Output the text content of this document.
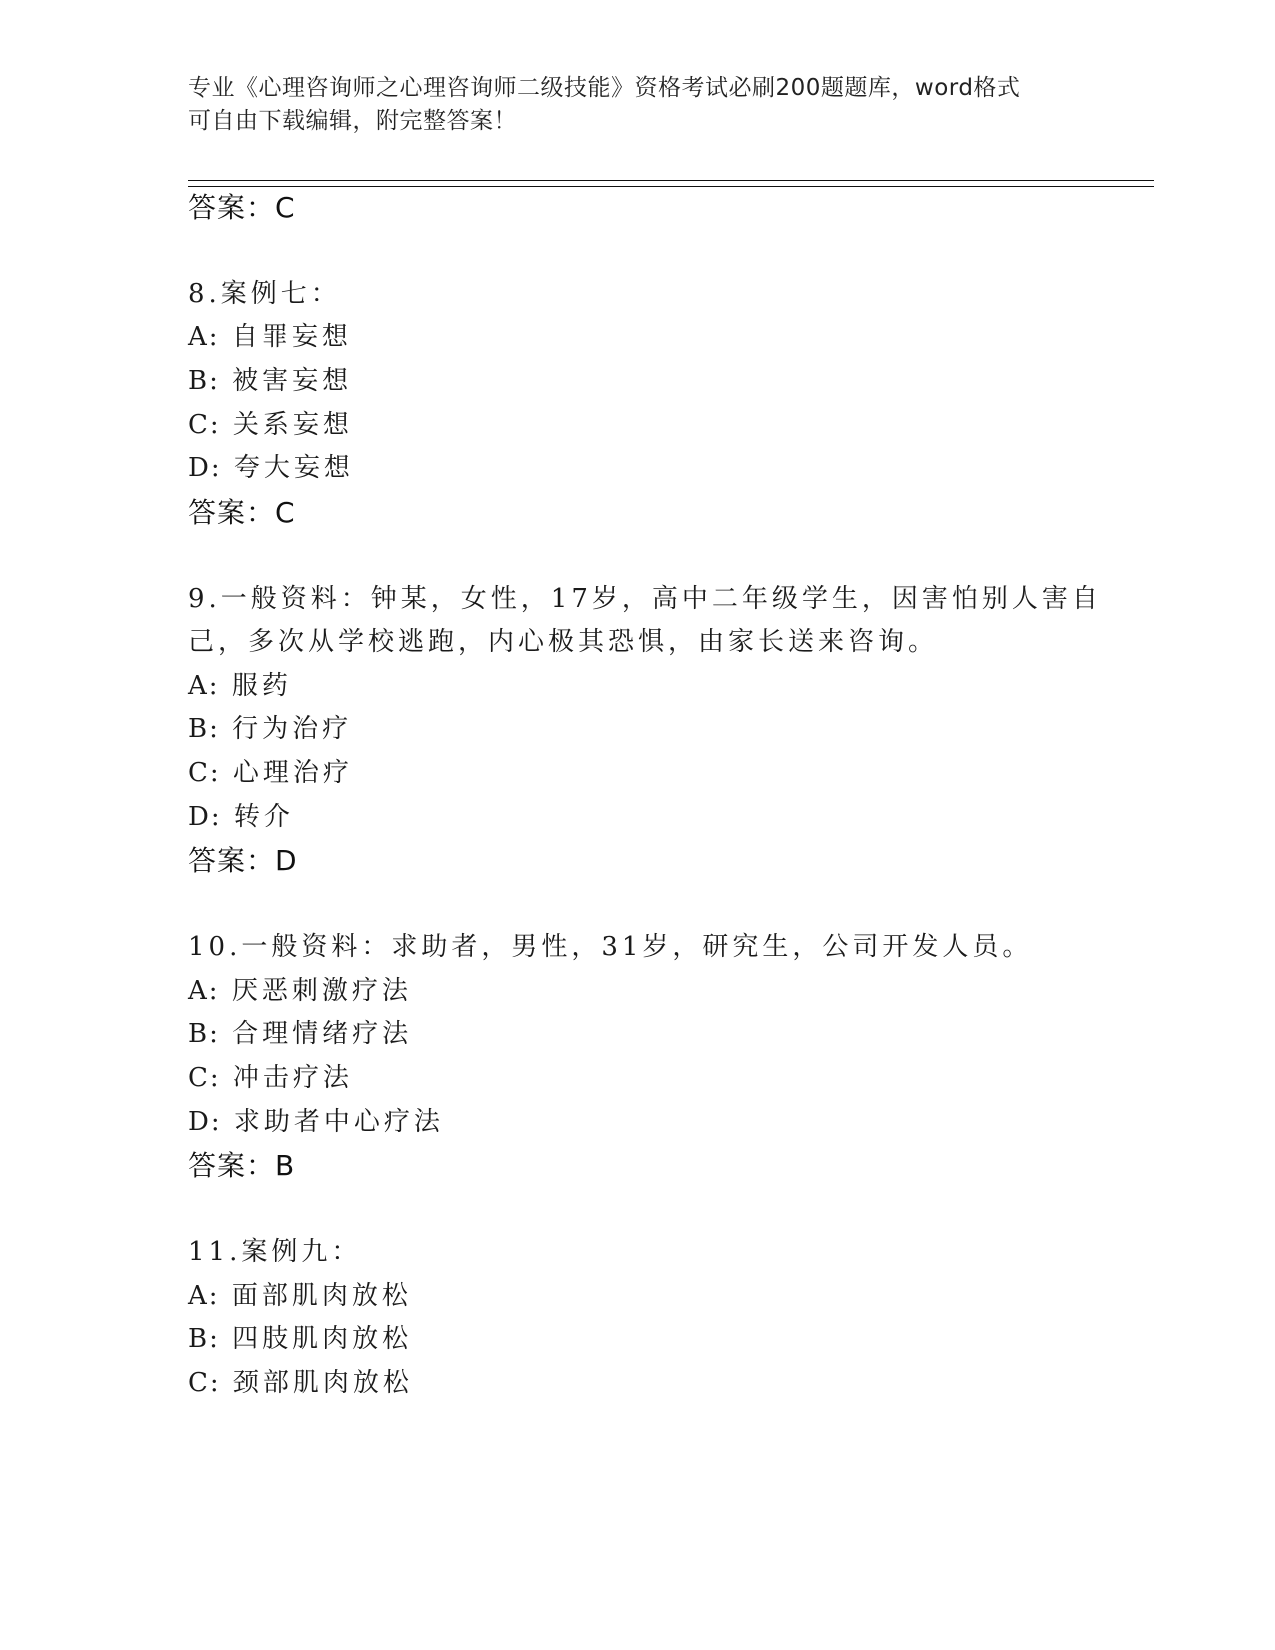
专业《心理咨询师之心理咨询师二级技能》资格考试必刷200题题库，word格式
可自由下载编辑，附完整答案！
答案：C
8.案例七：
A: 自罪妄想
B: 被害妄想
C: 关系妄想
D: 夸大妄想
答案：C
9.一般资料：钟某，女性，17岁，高中二年级学生，因害怕别人害自
己，多次从学校逃跑，内心极其恐惧，由家长送来咨询。
A: 服药
B: 行为治疗
C: 心理治疗
D: 转介
答案：D
10.一般资料：求助者，男性，31岁，研究生，公司开发人员。
A: 厌恶刺激疗法
B: 合理情绪疗法
C: 冲击疗法
D: 求助者中心疗法
答案：B
11.案例九：
A: 面部肌肉放松
B: 四肢肌肉放松
C: 颈部肌肉放松
